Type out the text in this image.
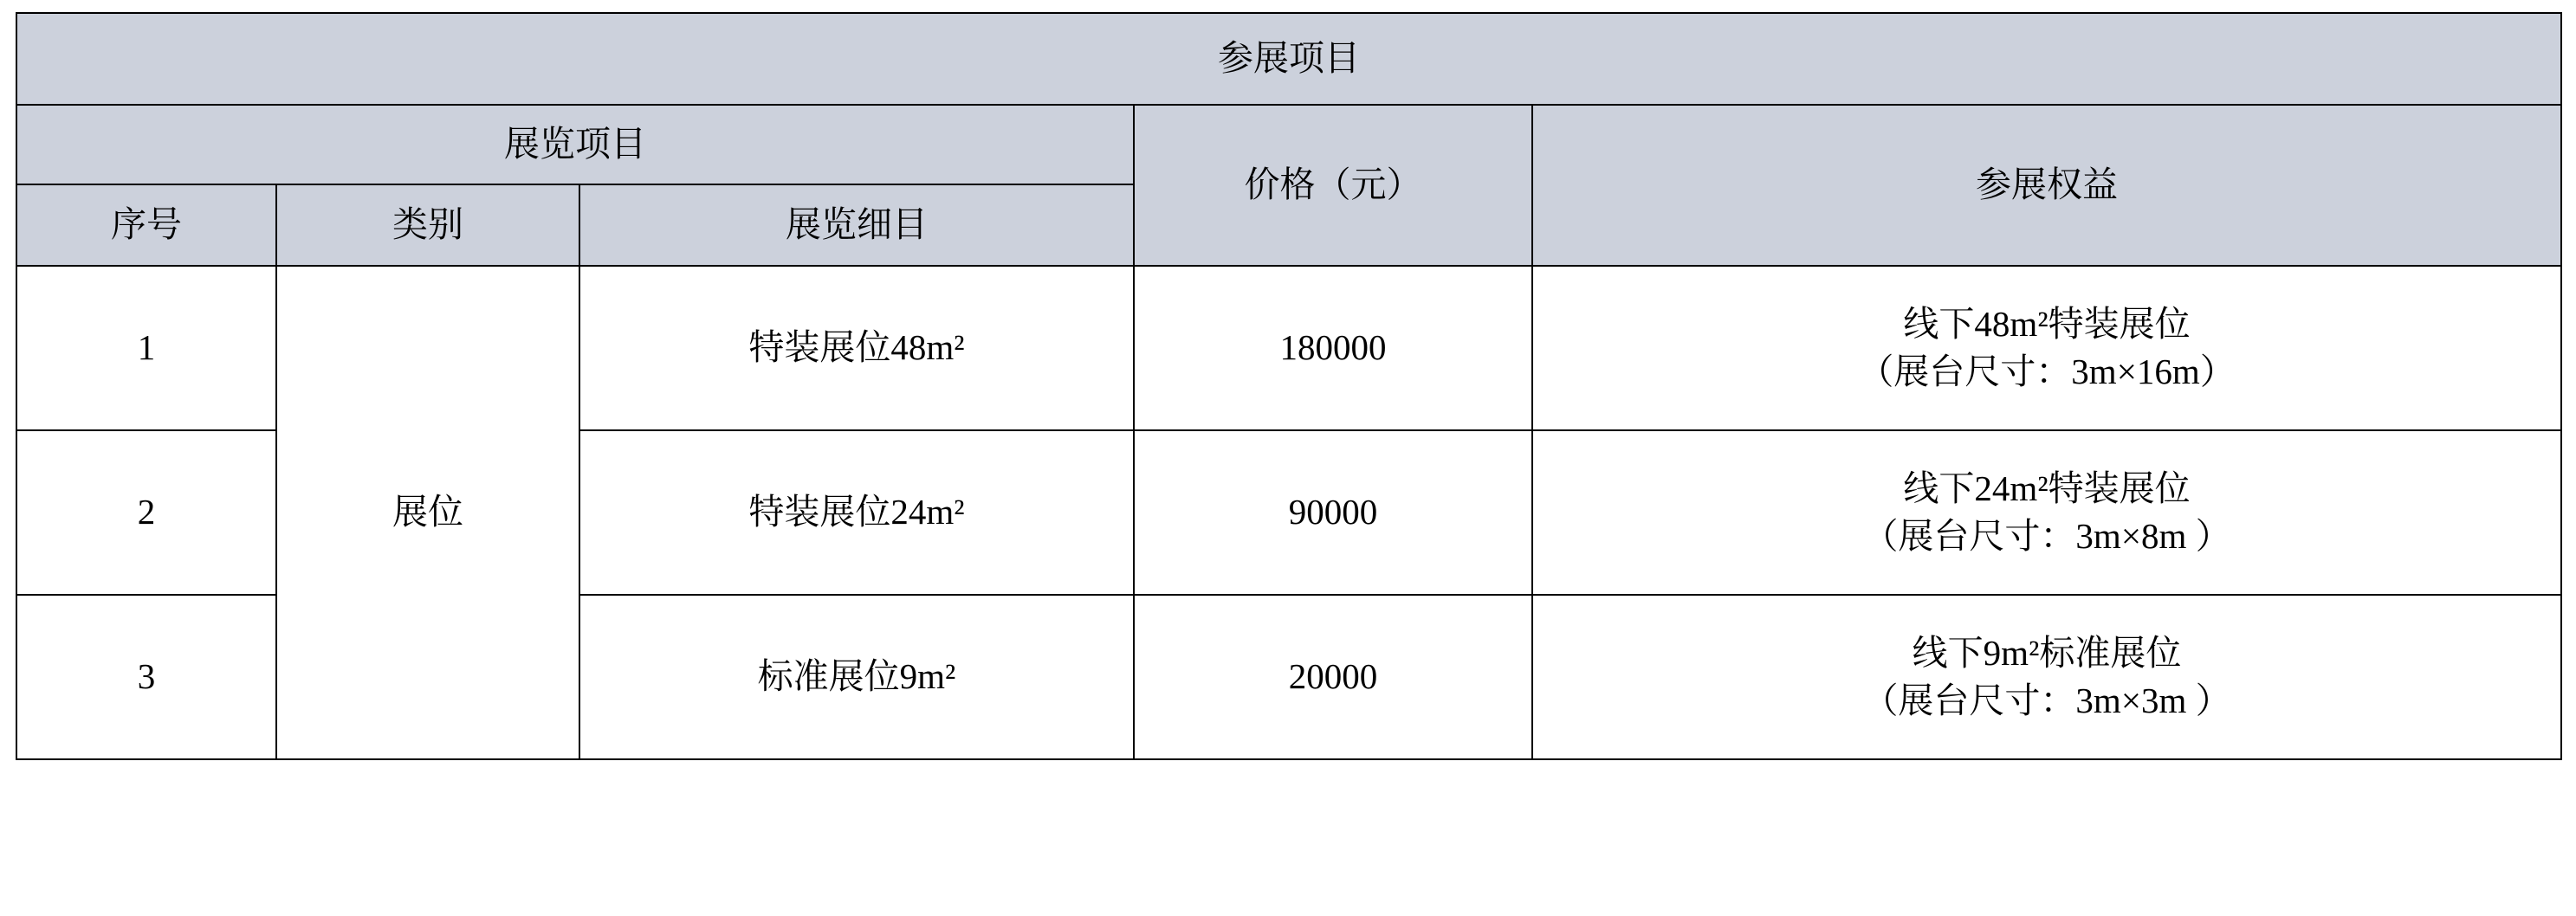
参展项目				
展览项目			价格（元）	参展权益
序号	类别	展览细目		
1	展位	特装展位48m²	180000	线下48m²特装展位
（展台尺寸：3m×16m）

2		特装展位24m²	90000	线下24m²特装展位
（展台尺寸：3m×8m ）

3		标准展位9m²	20000	线下9m²标准展位
（展台尺寸：3m×3m ）
